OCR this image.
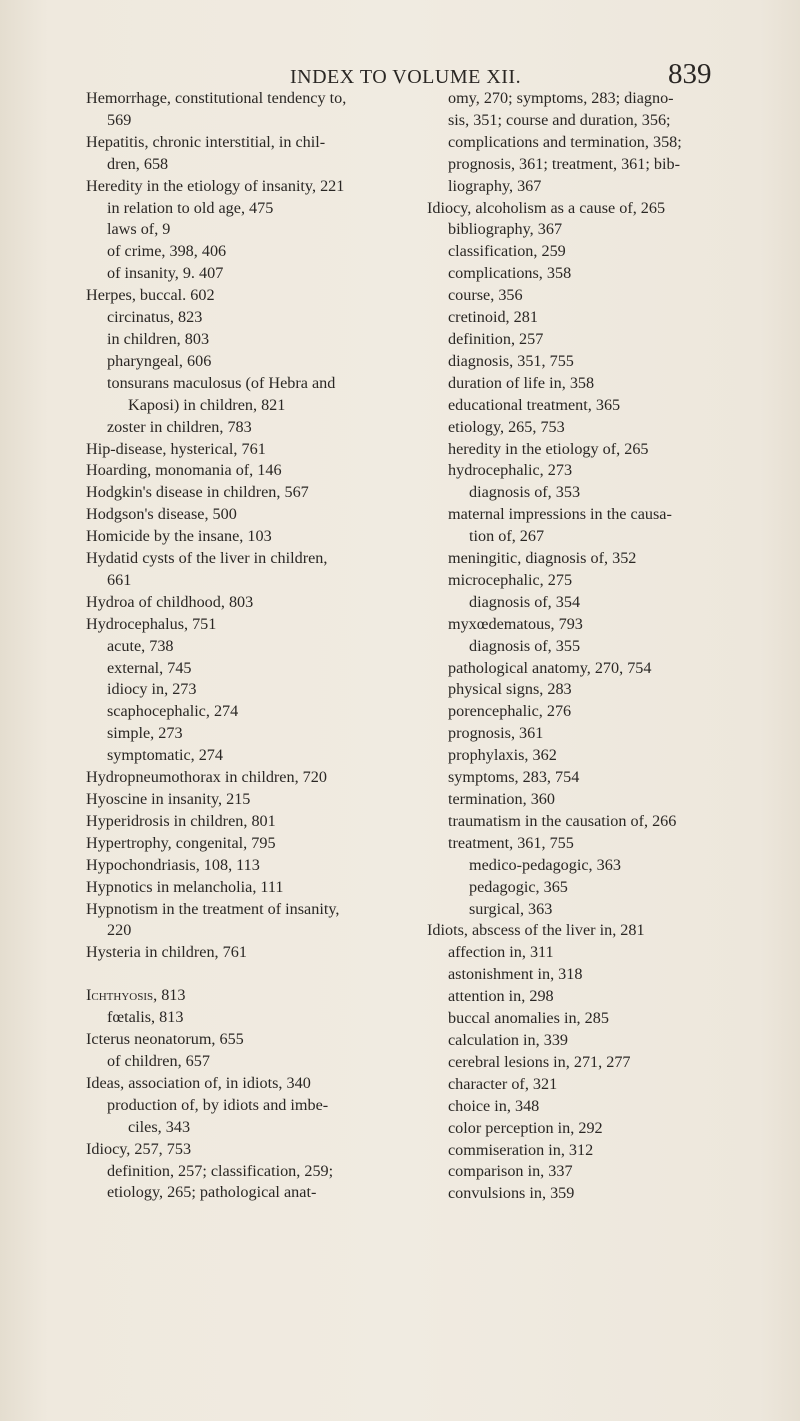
INDEX TO VOLUME XII.	839
Hemorrhage, constitutional tendency to,
569
Hepatitis, chronic interstitial, in chil-
dren, 658
Heredity in the etiology of insanity, 221
in relation to old age, 475
laws of, 9
of crime, 398, 406
of insanity, 9. 407
Herpes, buccal. 602
circinatus, 823
in children, 803
pharyngeal, 606
tonsurans maculosus (of Hebra and
Kaposi) in children, 821
zoster in children, 783
Hip-disease, hysterical, 761
Hoarding, monomania of, 146
Hodgkin's disease in children, 567
Hodgson's disease, 500
Homicide by the insane, 103
Hydatid cysts of the liver in children,
661
Hydroa of childhood, 803
Hydrocephalus, 751
acute, 738
external, 745
idiocy in, 273
scaphocephalic, 274
simple, 273
symptomatic, 274
Hydropneumothorax in children, 720
Hyoscine in insanity, 215
Hyperidrosis in children, 801
Hypertrophy, congenital, 795
Hypochondriasis, 108, 113
Hypnotics in melancholia, 111
Hypnotism in the treatment of insanity,
220
Hysteria in children, 761
Ichthyosis, 813
fœtalis, 813
Icterus neonatorum, 655
of children, 657
Ideas, association of, in idiots, 340
production of, by idiots and imbe-
ciles, 343
Idiocy, 257, 753
definition, 257; classification, 259;
etiology, 265; pathological anat-
omy, 270; symptoms, 283; diagno-
sis, 351; course and duration, 356;
complications and termination, 358;
prognosis, 361; treatment, 361; bib-
liography, 367
Idiocy, alcoholism as a cause of, 265
bibliography, 367
classification, 259
complications, 358
course, 356
cretinoid, 281
definition, 257
diagnosis, 351, 755
duration of life in, 358
educational treatment, 365
etiology, 265, 753
heredity in the etiology of, 265
hydrocephalic, 273
diagnosis of, 353
maternal impressions in the causa-
tion of, 267
meningitic, diagnosis of, 352
microcephalic, 275
diagnosis of, 354
myxœdematous, 793
diagnosis of, 355
pathological anatomy, 270, 754
physical signs, 283
porencephalic, 276
prognosis, 361
prophylaxis, 362
symptoms, 283, 754
termination, 360
traumatism in the causation of, 266
treatment, 361, 755
medico-pedagogic, 363
pedagogic, 365
surgical, 363
Idiots, abscess of the liver in, 281
affection in, 311
astonishment in, 318
attention in, 298
buccal anomalies in, 285
calculation in, 339
cerebral lesions in, 271, 277
character of, 321
choice in, 348
color perception in, 292
commiseration in, 312
comparison in, 337
convulsions in, 359
